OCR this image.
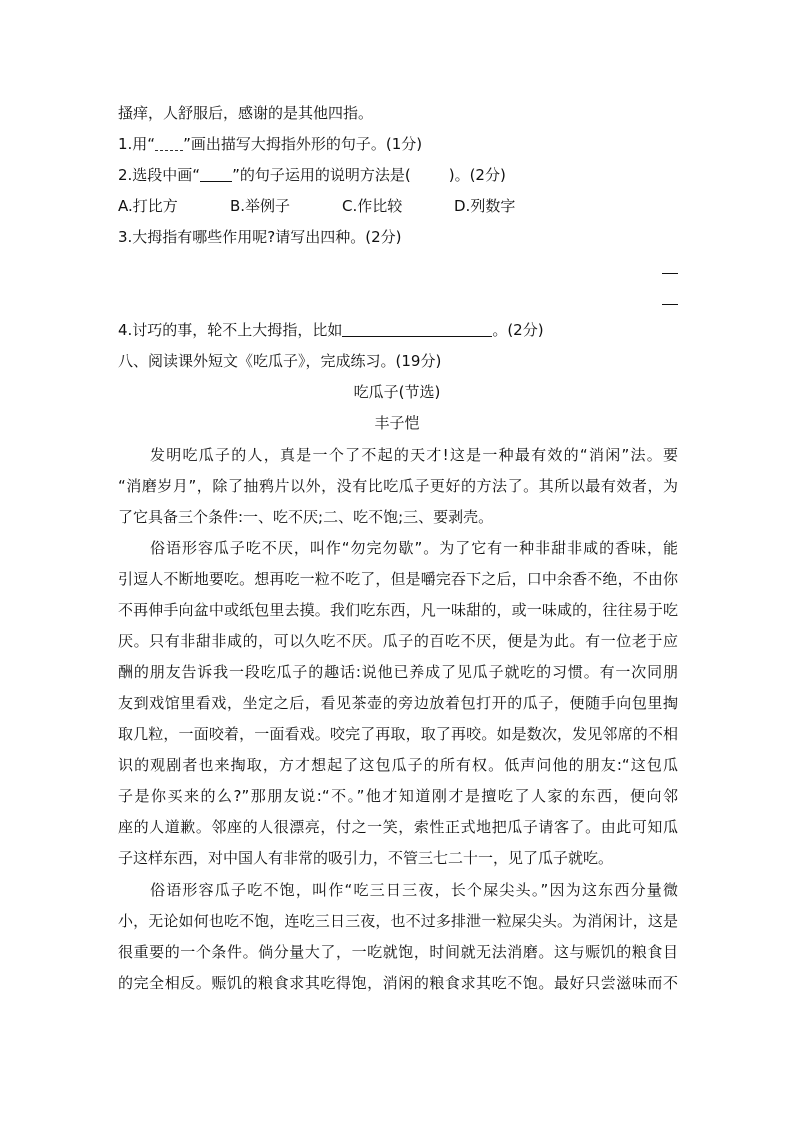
搔痒，人舒服后，感谢的是其他四指。
1.用“ ”画出描写大拇指外形的句子。(1分)
2.选段中画“ ”的句子运用的说明方法是(	)。(2分)
A.打比方	B.举例子	C.作比较	D.列数字
3.大拇指有哪些作用呢?请写出四种。(2分)
4.讨巧的事，轮不上大拇指，比如	。(2分)
八、阅读课外短文《吃瓜子》，完成练习。(19分)
吃瓜子(节选)
丰子恺
发明吃瓜子的人，真是一个了不起的天才!这是一种最有效的“消闲”法。要
“消磨岁月”，除了抽鸦片以外，没有比吃瓜子更好的方法了。其所以最有效者，为
了它具备三个条件:一、吃不厌;二、吃不饱;三、要剥壳。
俗语形容瓜子吃不厌，叫作“勿完勿歇”。为了它有一种非甜非咸的香味，能
引逗人不断地要吃。想再吃一粒不吃了，但是嚼完吞下之后，口中余香不绝，不由你
不再伸手向盆中或纸包里去摸。我们吃东西，凡一味甜的，或一味咸的，往往易于吃
厌。只有非甜非咸的，可以久吃不厌。瓜子的百吃不厌，便是为此。有一位老于应
酬的朋友告诉我一段吃瓜子的趣话:说他已养成了见瓜子就吃的习惯。有一次同朋
友到戏馆里看戏，坐定之后，看见茶壶的旁边放着包打开的瓜子，便随手向包里掏
取几粒，一面咬着，一面看戏。咬完了再取，取了再咬。如是数次，发见邻席的不相
识的观剧者也来掏取，方才想起了这包瓜子的所有权。低声问他的朋友:“这包瓜
子是你买来的么?”那朋友说:“不。”他才知道刚才是擅吃了人家的东西，便向邻
座的人道歉。邻座的人很漂亮，付之一笑，索性正式地把瓜子请客了。由此可知瓜
子这样东西，对中国人有非常的吸引力，不管三七二十一，见了瓜子就吃。
俗语形容瓜子吃不饱，叫作“吃三日三夜，长个屎尖头。”因为这东西分量微
小，无论如何也吃不饱，连吃三日三夜，也不过多排泄一粒屎尖头。为消闲计，这是
很重要的一个条件。倘分量大了，一吃就饱，时间就无法消磨。这与赈饥的粮食目
的完全相反。赈饥的粮食求其吃得饱，消闲的粮食求其吃不饱。最好只尝滋味而不
